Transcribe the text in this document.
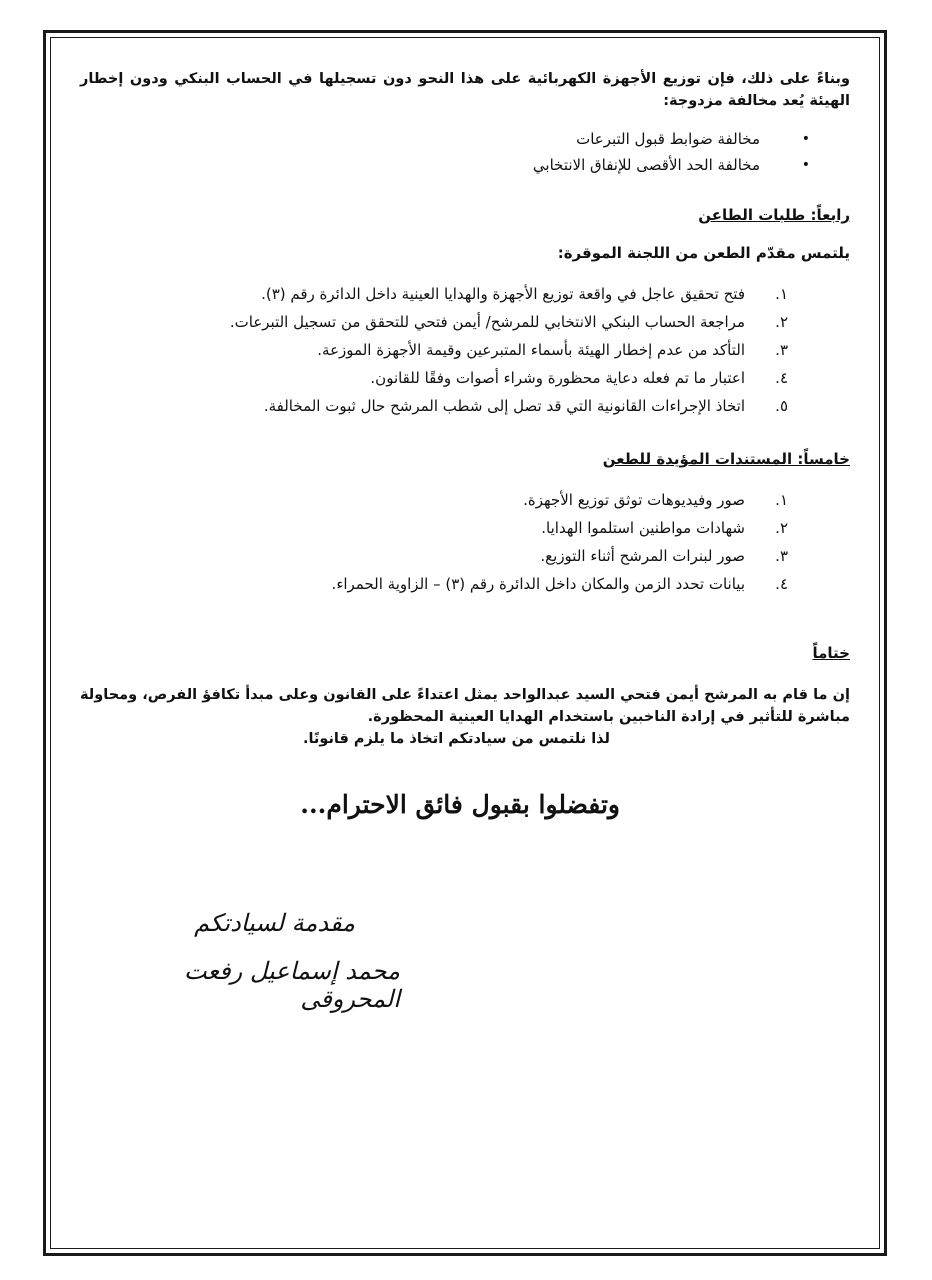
وبناءً على ذلك، فإن توزيع الأجهزة الكهربائية على هذا النحو دون تسجيلها في الحساب البنكي ودون إخطار الهيئة يُعد مخالفة مزدوجة:

•
مخالفة ضوابط قبول التبرعات
•
مخالفة الحد الأقصى للإنفاق الانتخابي

رابعاً: طلبات الطاعن

يلتمس مقدّم الطعن من اللجنة الموقرة:

١.
فتح تحقيق عاجل في واقعة توزيع الأجهزة والهدايا العينية داخل الدائرة رقم (٣).
٢.
مراجعة الحساب البنكي الانتخابي للمرشح/ أيمن فتحي للتحقق من تسجيل التبرعات.
٣.
التأكد من عدم إخطار الهيئة بأسماء المتبرعين وقيمة الأجهزة الموزعة.
٤.
اعتبار ما تم فعله دعاية محظورة وشراء أصوات وفقًا للقانون.
٥.
اتخاذ الإجراءات القانونية التي قد تصل إلى شطب المرشح حال ثبوت المخالفة.

خامساً: المستندات المؤيدة للطعن

١.
صور وفيديوهات توثق توزيع الأجهزة.
٢.
شهادات مواطنين استلموا الهدايا.
٣.
صور لبنرات المرشح أثناء التوزيع.
٤.
بيانات تحدد الزمن والمكان داخل الدائرة رقم (٣) – الزاوية الحمراء.

ختاماً

إن ما قام به المرشح أيمن فتحي السيد عبدالواحد يمثل اعتداءً على القانون وعلى مبدأ تكافؤ الفرص، ومحاولة مباشرة للتأثير في إرادة الناخبين باستخدام الهدايا العينية المحظورة.

لذا نلتمس من سيادتكم اتخاذ ما يلزم قانونًا.

وتفضلوا بقبول فائق الاحترام...

مقدمة لسيادتكم

محمد إسماعيل رفعت المحروقى
